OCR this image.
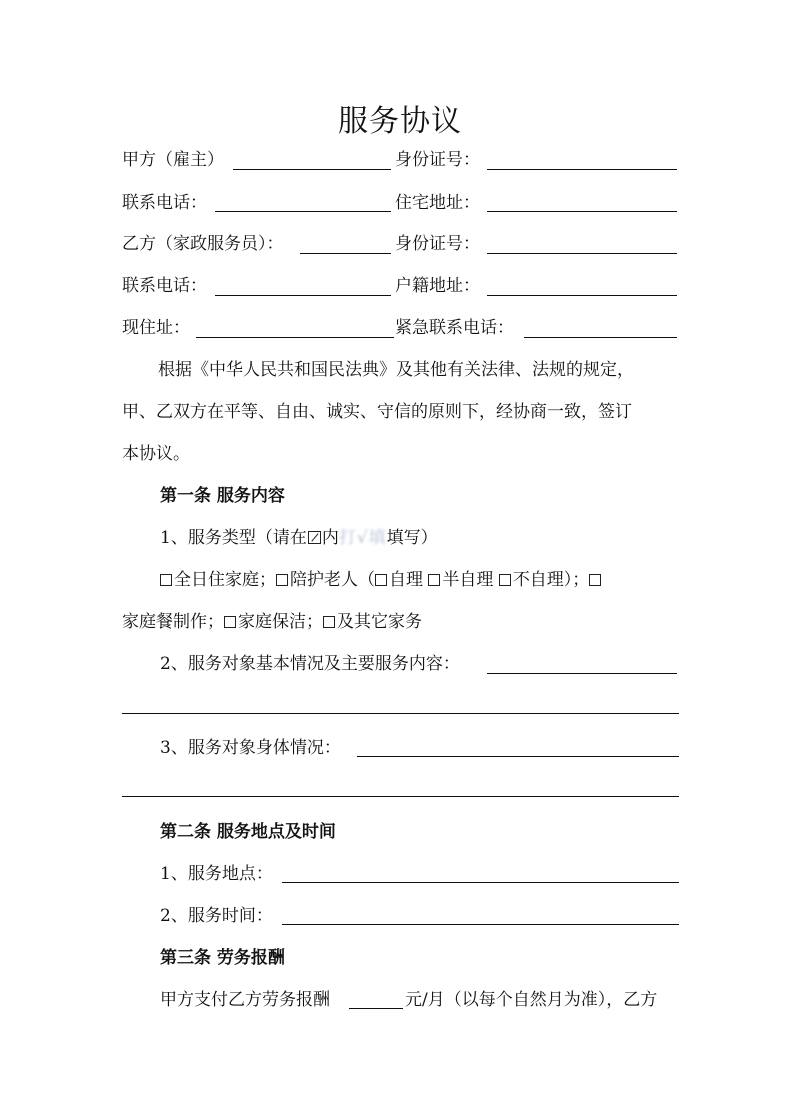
服务协议
甲方（雇主）	身份证号：
联系电话：	住宅地址：
乙方（家政服务员）：	身份证号：
联系电话：	户籍地址：
现住址：	紧急联系电话：
根据《中华人民共和国民法典》及其他有关法律、法规的规定，
甲、乙双方在平等、自由、诚实、守信的原则下，经协商一致，签订
本协议。
第一条 服务内容
1、服务类型（请在 内打√填填写）
全日住家庭； 陪护老人（ 自理 半自理 不自理）；
家庭餐制作； 家庭保洁； 及其它家务
2、服务对象基本情况及主要服务内容：
3、服务对象身体情况：
第二条 服务地点及时间
1、服务地点：
2、服务时间：
第三条 劳务报酬
甲方支付乙方劳务报酬	元/月（以每个自然月为准），乙方
